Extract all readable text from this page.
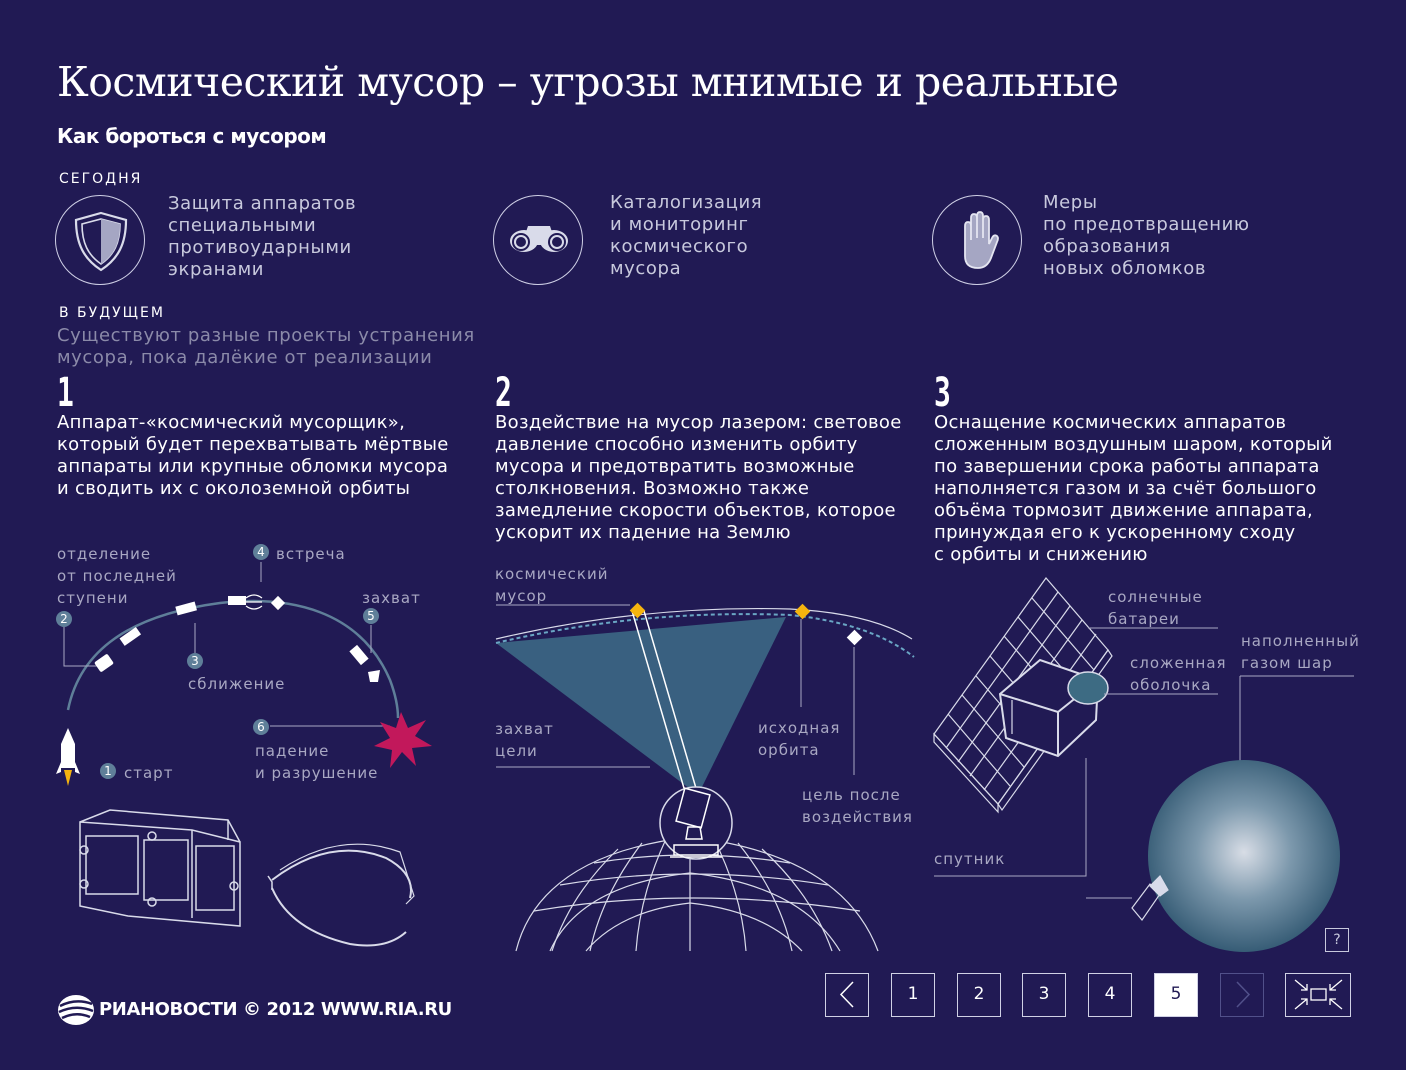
Космический мусор – угрозы мнимые и реальные
Как бороться с мусором
СЕГОДНЯ
Защита аппаратов
специальными
противоударными
экранами
Каталогизация
и мониторинг
космического
мусора
Меры
по предотвращению
образования
новых обломков
В БУДУЩЕМ
Существуют разные проекты устранения
мусора, пока далёкие от реализации
1
Аппарат-«космический мусорщик»,
который будет перехватывать мёртвые
аппараты или крупные обломки мусора
и сводить их с околоземной орбиты
2
Воздействие на мусор лазером: световое
давление способно изменить орбиту
мусора и предотвратить возможные
столкновения. Возможно также
замедление скорости объектов, которое
ускорит их падение на Землю
3
Оснащение космических аппаратов
сложенным воздушным шаром, который
по завершении срока работы аппарата
наполняется газом и за счёт большого
объёма тормозит движение аппарата,
принуждая его к ускоренному сходу
с орбиты и снижению
1 старт
2
отделение
от последней
ступени
3
сближение
4 встреча
5
захват
6
падение
и разрушение
космический
мусор
захват
цели
исходная
орбита
цель после
воздействия
солнечные
батареи
сложенная
оболочка
наполненный
газом шар
спутник
?
1	2	3	4	5
РИАНОВОСТИ © 2012 WWW.RIA.RU
